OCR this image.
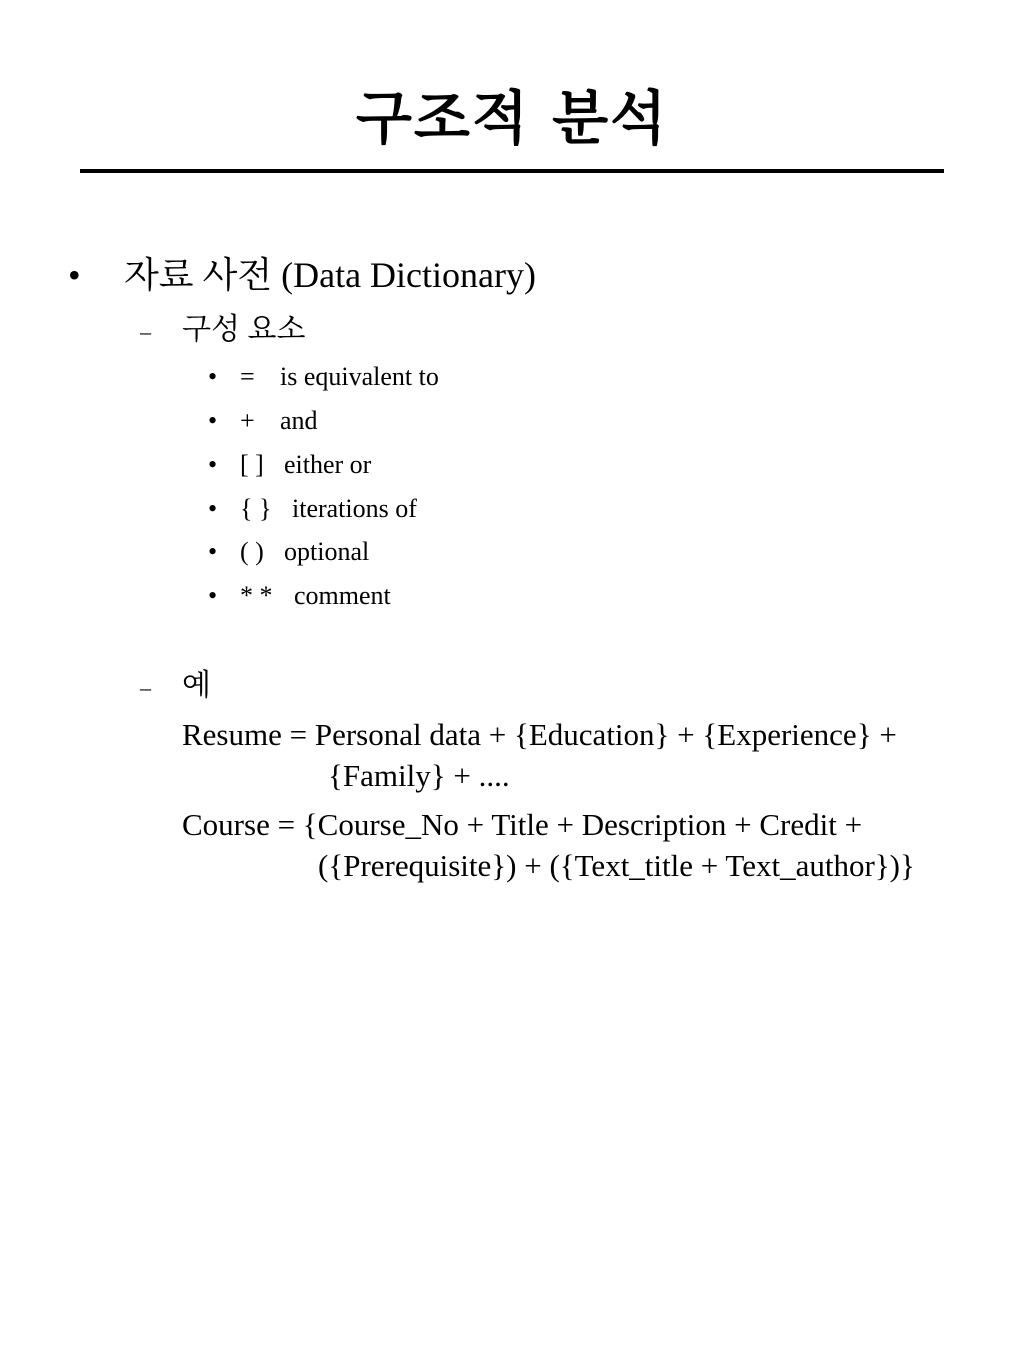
구조적 분석
• 자료 사전 (Data Dictionary)
– 구성 요소
• = is equivalent to
• + and
• [ ] either or
• { } iterations of
• ( ) optional
• * * comment
– 예
Resume = Personal data + {Education} + {Experience} +
{Family} + ....
Course = {Course_No + Title + Description + Credit +
({Prerequisite}) + ({Text_title + Text_author})}
